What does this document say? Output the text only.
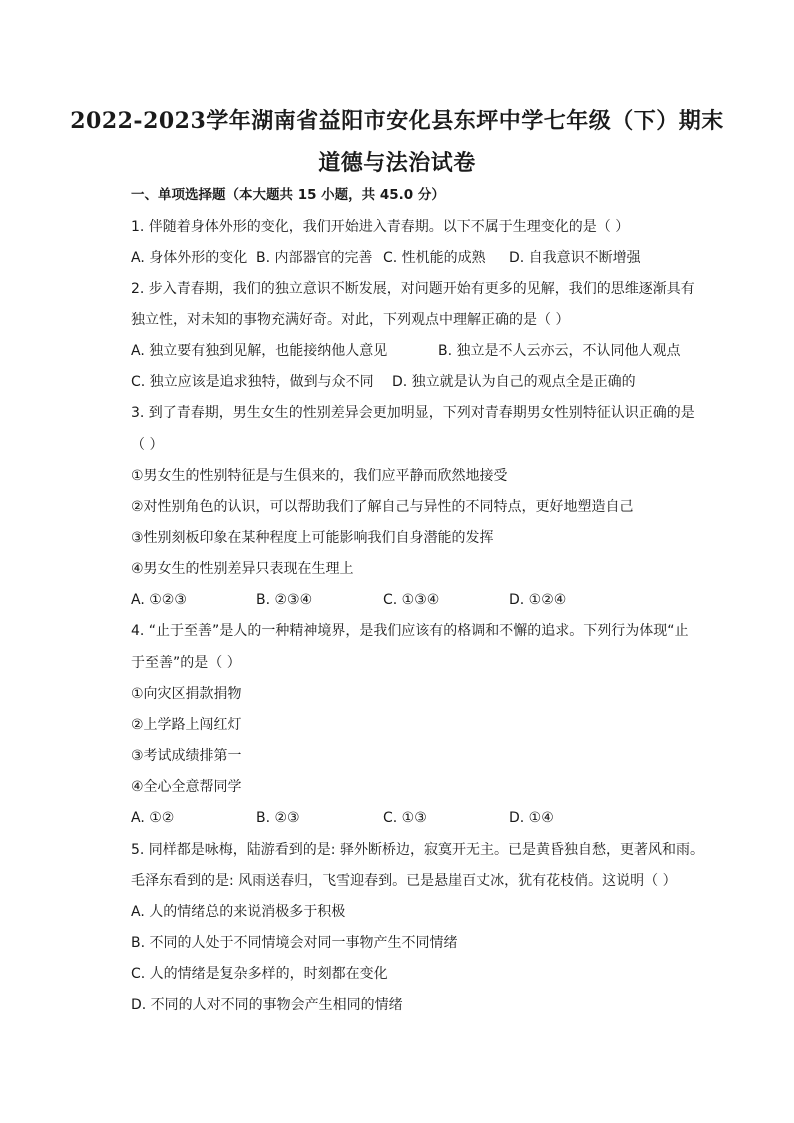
2022-2023学年湖南省益阳市安化县东坪中学七年级（下）期末
道德与法治试卷
一、单项选择题（本大题共 15 小题，共 45.0 分）
1. 伴随着身体外形的变化，我们开始进入青春期。以下不属于生理变化的是（ ）
A. 身体外形的变化 B. 内部器官的完善 C. 性机能的成熟 D. 自我意识不断增强
2. 步入青春期，我们的独立意识不断发展，对问题开始有更多的见解，我们的思维逐渐具有
独立性，对未知的事物充满好奇。对此，下列观点中理解正确的是（ ）
A. 独立要有独到见解，也能接纳他人意见	B. 独立是不人云亦云，不认同他人观点
C. 独立应该是追求独特，做到与众不同 D. 独立就是认为自己的观点全是正确的
3. 到了青春期，男生女生的性别差异会更加明显，下列对青春期男女性别特征认识正确的是
（ ）
①男女生的性别特征是与生俱来的，我们应平静而欣然地接受
②对性别角色的认识，可以帮助我们了解自己与异性的不同特点，更好地塑造自己
③性别刻板印象在某种程度上可能影响我们自身潜能的发挥
④男女生的性别差异只表现在生理上
A. ①②③	B. ②③④	C. ①③④	D. ①②④
4. “止于至善”是人的一种精神境界，是我们应该有的格调和不懈的追求。下列行为体现“止
于至善”的是（ ）
①向灾区捐款捐物
②上学路上闯红灯
③考试成绩排第一
④全心全意帮同学
A. ①②	B. ②③	C. ①③	D. ①④
5. 同样都是咏梅，陆游看到的是: 驿外断桥边，寂寞开无主。已是黄昏独自愁，更著风和雨。
毛泽东看到的是: 风雨送春归，飞雪迎春到。已是悬崖百丈冰，犹有花枝俏。这说明（ ）
A. 人的情绪总的来说消极多于积极
B. 不同的人处于不同情境会对同一事物产生不同情绪
C. 人的情绪是复杂多样的，时刻都在变化
D. 不同的人对不同的事物会产生相同的情绪
